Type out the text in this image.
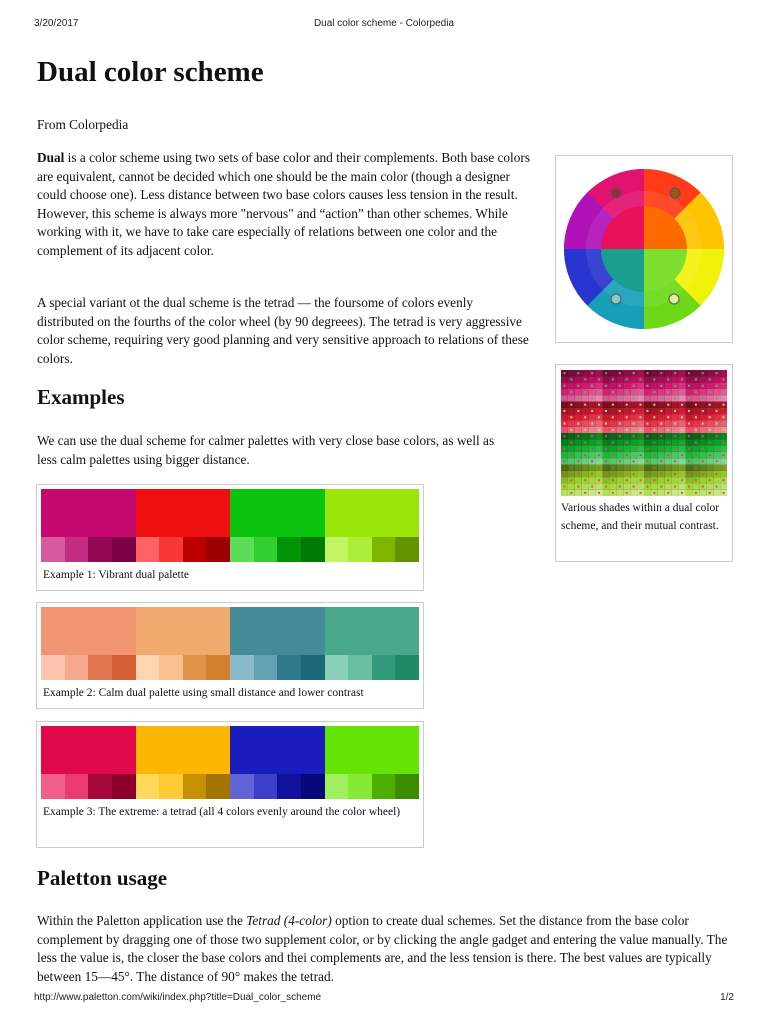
3/20/2017	Dual color scheme - Colorpedia
Dual color scheme

From Colorpedia

Dual is a color scheme using two sets of base color and their complements. Both base colors are equivalent, cannot be decided which one should be the main color (though a designer could choose one). Less distance between two base colors causes less tension in the result. However, this scheme is always more "nervous" and “action” than other schemes. While working with it, we have to take care especially of relations between one color and the complement of its adjacent color.

A special variant ot the dual scheme is the tetrad — the foursome of colors evenly distributed on the fourths of the color wheel (by 90 degreees). The tetrad is very aggressive color scheme, requiring very good planning and very sensitive approach to relations of these colors.

Examples

We can use the dual scheme for calmer palettes with very close base colors, as well as less calm palettes using bigger distance.

Example 1: Vibrant dual palette
Example 2: Calm dual palette using small distance and lower contrast
Example 3: The extreme: a tetrad (all 4 colors evenly around the color wheel)
Paletton usage

Within the Paletton application use the Tetrad (4-color) option to create dual schemes. Set the distance from the base color complement by dragging one of those two supplement color, or by clicking the angle gadget and entering the value manually. The less the value is, the closer the base colors and thei complements are, and the less tension is there. The best values are typically between 15—45°. The distance of 90° makes the tetrad.

Various shades within a dual color scheme, and their mutual contrast.
http://www.paletton.com/wiki/index.php?title=Dual_color_scheme	1/2
